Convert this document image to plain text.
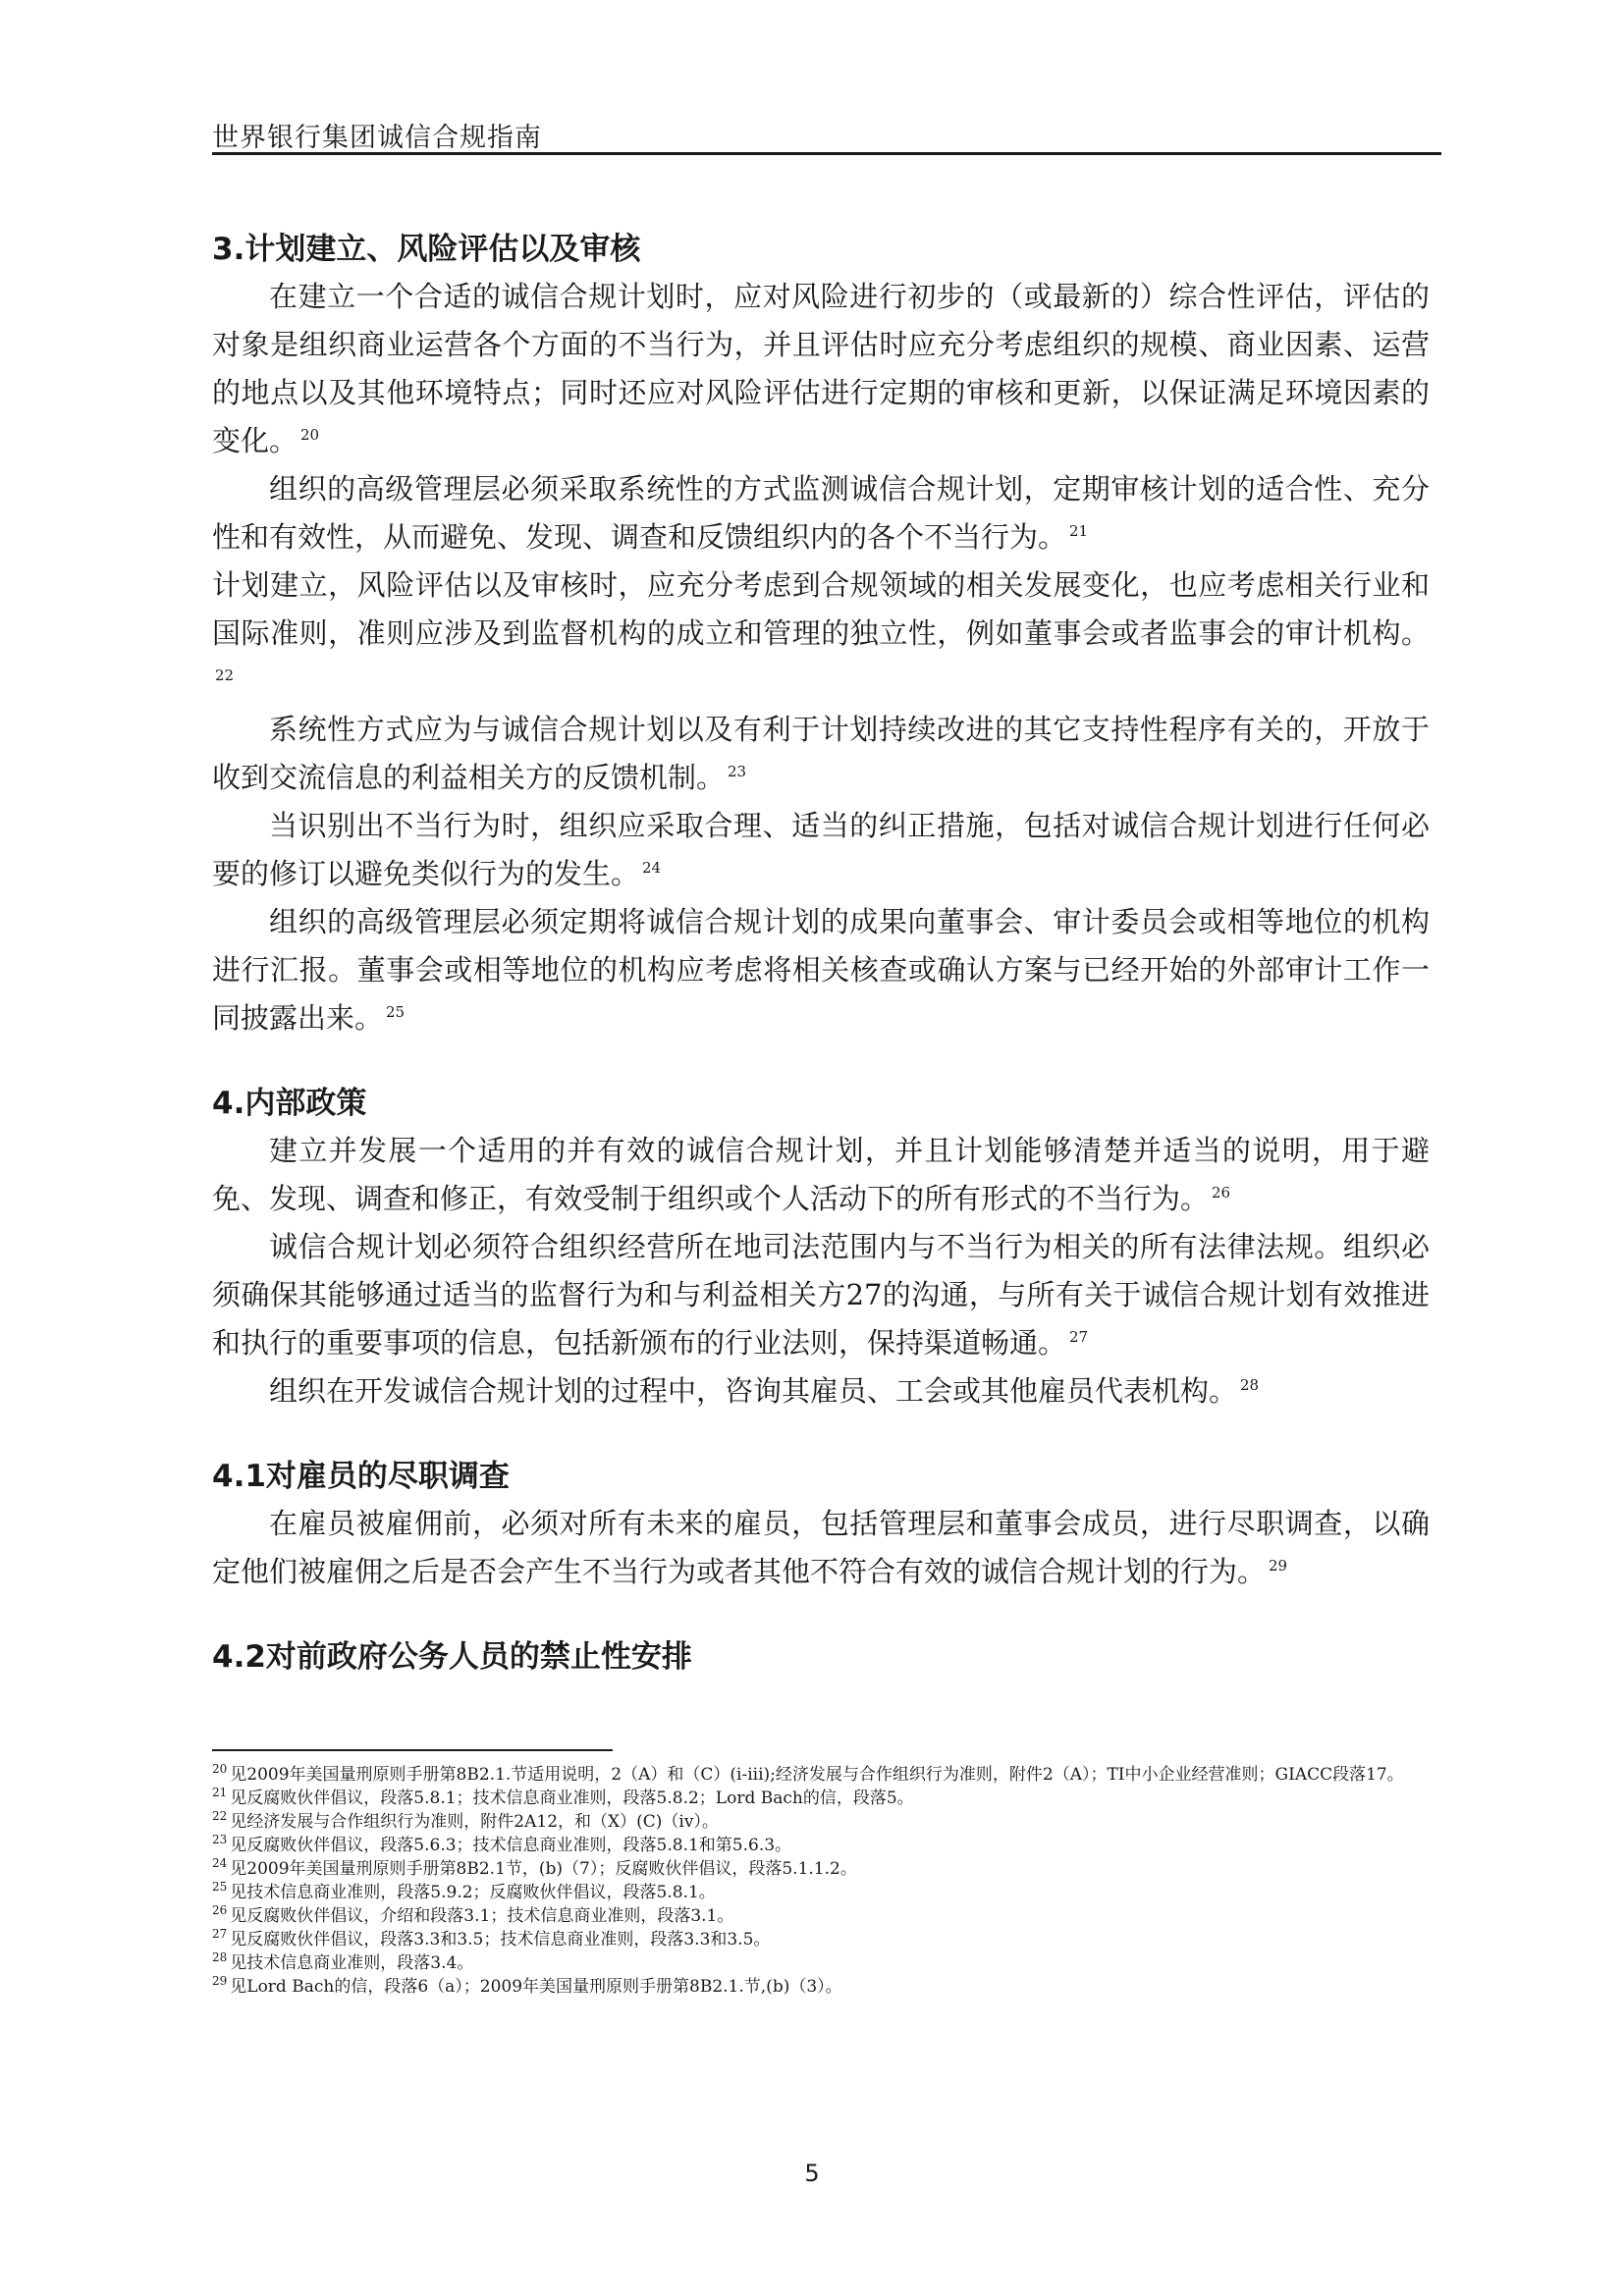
世界银行集团诚信合规指南
3.计划建立、风险评估以及审核

在建立一个合适的诚信合规计划时，应对风险进行初步的（或最新的）综合性评估，评估的对象是组织商业运营各个方面的不当行为，并且评估时应充分考虑组织的规模、商业因素、运营的地点以及其他环境特点；同时还应对风险评估进行定期的审核和更新，以保证满足环境因素的变化。 $^{20}$

组织的高级管理层必须采取系统性的方式监测诚信合规计划，定期审核计划的适合性、充分性和有效性，从而避免、发现、调查和反馈组织内的各个不当行为。 $^{21}$

计划建立，风险评估以及审核时，应充分考虑到合规领域的相关发展变化，也应考虑相关行业和国际准则，准则应涉及到监督机构的成立和管理的独立性，例如董事会或者监事会的审计机构。$^{22}$

系统性方式应为与诚信合规计划以及有利于计划持续改进的其它支持性程序有关的，开放于收到交流信息的利益相关方的反馈机制。 $^{23}$

当识别出不当行为时，组织应采取合理、适当的纠正措施，包括对诚信合规计划进行任何必要的修订以避免类似行为的发生。 $^{24}$

组织的高级管理层必须定期将诚信合规计划的成果向董事会、审计委员会或相等地位的机构进行汇报。董事会或相等地位的机构应考虑将相关核查或确认方案与已经开始的外部审计工作一同披露出来。 $^{25}$

4.内部政策

建立并发展一个适用的并有效的诚信合规计划，并且计划能够清楚并适当的说明，用于避免、发现、调查和修正，有效受制于组织或个人活动下的所有形式的不当行为。 $^{26}$

诚信合规计划必须符合组织经营所在地司法范围内与不当行为相关的所有法律法规。组织必须确保其能够通过适当的监督行为和与利益相关方27的沟通，与所有关于诚信合规计划有效推进和执行的重要事项的信息，包括新颁布的行业法则，保持渠道畅通。 $^{27}$

组织在开发诚信合规计划的过程中，咨询其雇员、工会或其他雇员代表机构。 $^{28}$

4.1对雇员的尽职调查

在雇员被雇佣前，必须对所有未来的雇员，包括管理层和董事会成员，进行尽职调查，以确定他们被雇佣之后是否会产生不当行为或者其他不符合有效的诚信合规计划的行为。 $^{29}$

4.2对前政府公务人员的禁止性安排

$^{20}$ 见2009年美国量刑原则手册第8B2.1.节适用说明，2（A）和（C）(i-iii);经济发展与合作组织行为准则，附件2（A）；TI中小企业经营准则；GIACC段落17。

$^{21}$ 见反腐败伙伴倡议，段落5.8.1；技术信息商业准则，段落5.8.2；Lord Bach的信，段落5。

$^{22}$ 见经济发展与合作组织行为准则，附件2A12，和（X）(C)（iv）。

$^{23}$ 见反腐败伙伴倡议，段落5.6.3；技术信息商业准则，段落5.8.1和第5.6.3。

$^{24}$ 见2009年美国量刑原则手册第8B2.1节，(b)（7）；反腐败伙伴倡议，段落5.1.1.2。

$^{25}$ 见技术信息商业准则，段落5.9.2；反腐败伙伴倡议，段落5.8.1。

$^{26}$ 见反腐败伙伴倡议，介绍和段落3.1；技术信息商业准则，段落3.1。

$^{27}$ 见反腐败伙伴倡议，段落3.3和3.5；技术信息商业准则，段落3.3和3.5。

$^{28}$ 见技术信息商业准则，段落3.4。

$^{29}$ 见Lord Bach的信，段落6（a）；2009年美国量刑原则手册第8B2.1.节,(b)（3）。

5
